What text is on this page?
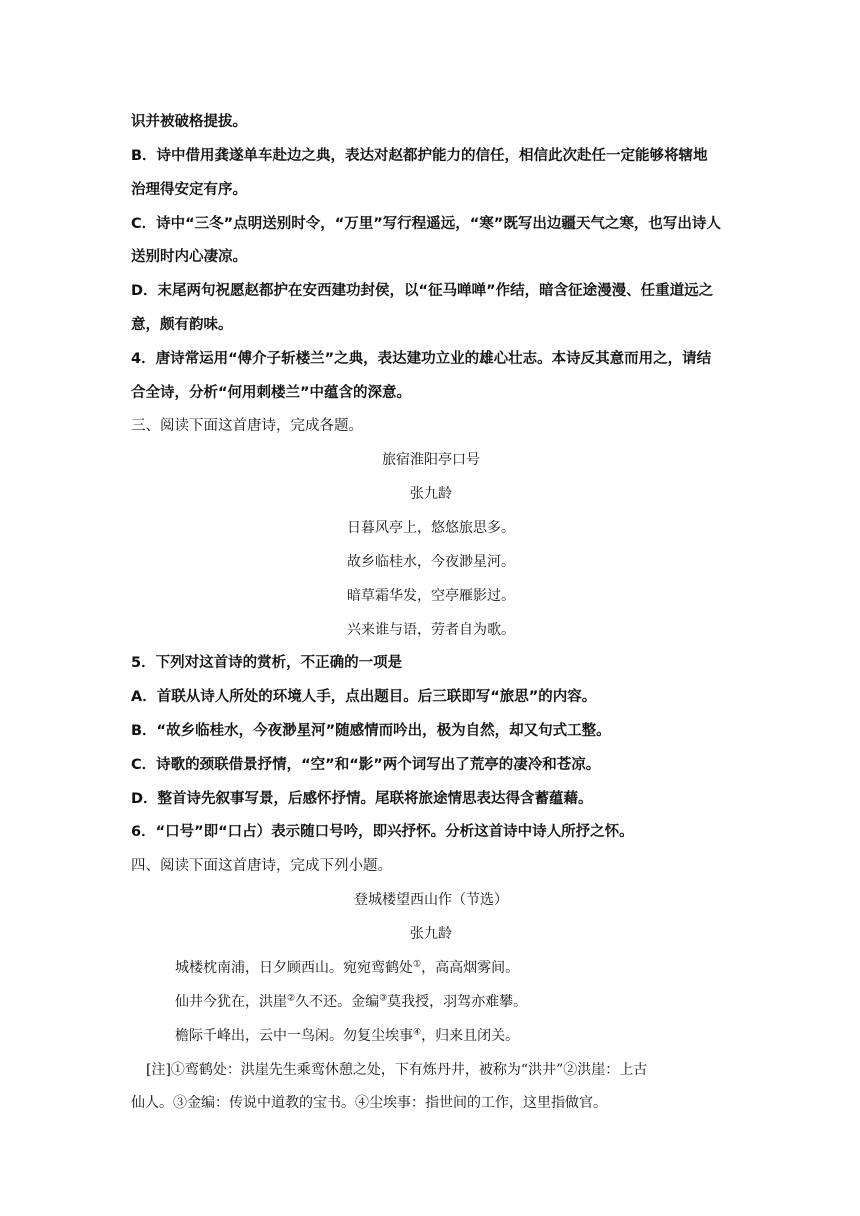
识并被破格提拔。
B．诗中借用龚遂单车赴边之典，表达对赵都护能力的信任，相信此次赴任一定能够将辖地
治理得安定有序。
C．诗中“三冬”点明送别时令，“万里”写行程遥远，“寒”既写出边疆天气之寒，也写出诗人
送别时内心凄凉。
D．末尾两句祝愿赵都护在安西建功封侯，以“征马啴啴”作结，暗含征途漫漫、任重道远之
意，颇有韵味。
4．唐诗常运用“傅介子斩楼兰”之典，表达建功立业的雄心壮志。本诗反其意而用之，请结
合全诗，分析“何用刺楼兰”中蕴含的深意。
三、阅读下面这首唐诗，完成各题。
旅宿淮阳亭口号
张九龄
日暮风亭上，悠悠旅思多。
故乡临桂水，今夜渺星河。
暗草霜华发，空亭雁影过。
兴来谁与语，劳者自为歌。
5．下列对这首诗的赏析，不正确的一项是
A．首联从诗人所处的环境人手，点出题目。后三联即写“旅思”的内容。
B．“故乡临桂水，今夜渺星河”随感情而吟出，极为自然，却又句式工整。
C．诗歌的颈联借景抒情，“空”和“影”两个词写出了荒亭的凄冷和苍凉。
D．整首诗先叙事写景，后感怀抒情。尾联将旅途情思表达得含蓄蕴藉。
6．“口号”即“口占）表示随口号吟，即兴抒怀。分析这首诗中诗人所抒之怀。
四、阅读下面这首唐诗，完成下列小题。
登城楼望西山作（节选）
张九龄
城楼枕南浦，日夕顾西山。宛宛鸾鹤处①，高高烟雾间。
仙井今犹在，洪崖②久不还。金编③莫我授，羽驾亦难攀。
檐际千峰出，云中一鸟闲。勿复尘埃事④，归来且闭关。
[注]①鸾鹤处：洪崖先生乘鸾休憩之处，下有炼丹井，被称为“洪井”②洪崖：上古
仙人。③金编：传说中道教的宝书。④尘埃事：指世间的工作，这里指做官。
